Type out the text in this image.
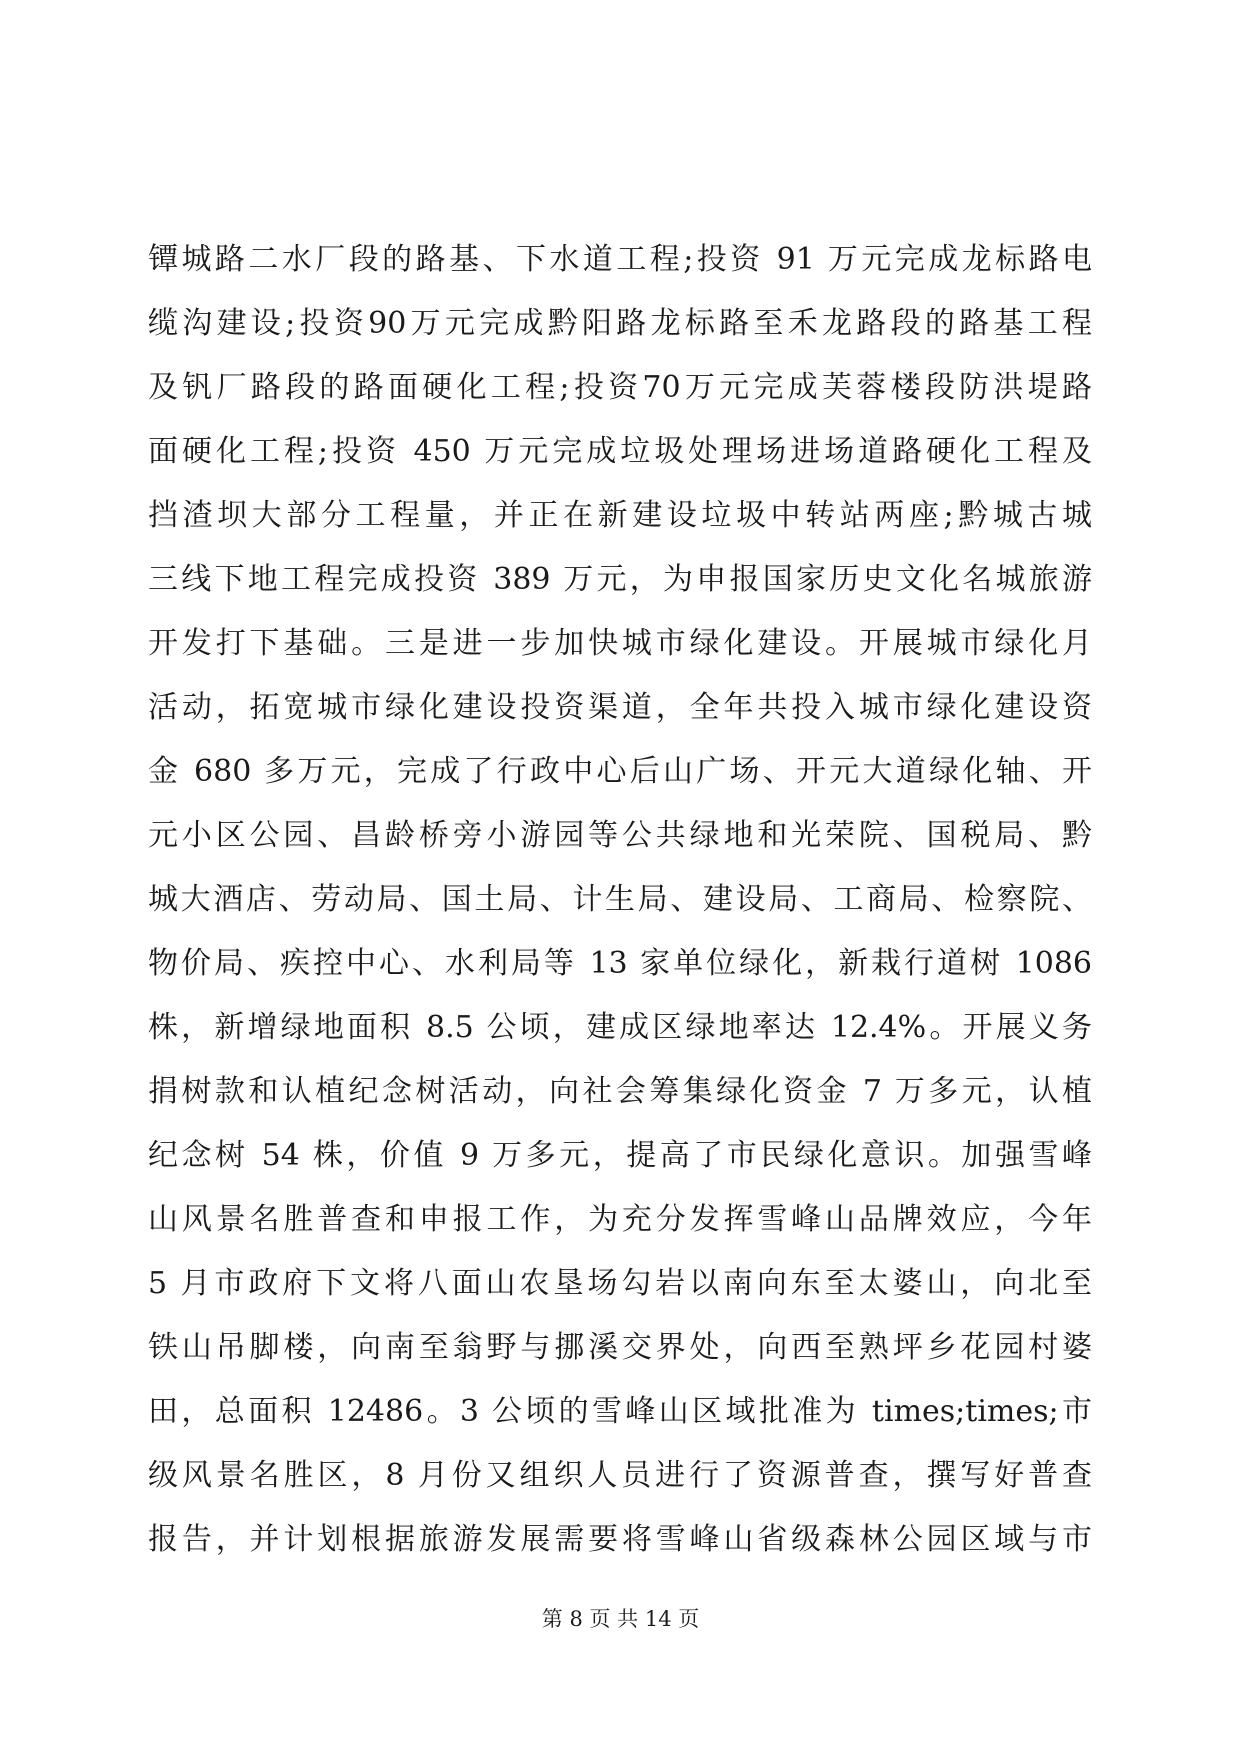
镡城路二水厂段的路基、下水道工程;投资 91 万元完成龙标路电
缆沟建设;投资90万元完成黔阳路龙标路至禾龙路段的路基工程
及钒厂路段的路面硬化工程;投资70万元完成芙蓉楼段防洪堤路
面硬化工程;投资 450 万元完成垃圾处理场进场道路硬化工程及
挡渣坝大部分工程量，并正在新建设垃圾中转站两座;黔城古城
三线下地工程完成投资 389 万元，为申报国家历史文化名城旅游
开发打下基础。三是进一步加快城市绿化建设。开展城市绿化月
活动，拓宽城市绿化建设投资渠道，全年共投入城市绿化建设资
金 680 多万元，完成了行政中心后山广场、开元大道绿化轴、开
元小区公园、昌龄桥旁小游园等公共绿地和光荣院、国税局、黔
城大酒店、劳动局、国土局、计生局、建设局、工商局、检察院、
物价局、疾控中心、水利局等 13 家单位绿化，新栽行道树 1086
株，新增绿地面积 8.5 公顷，建成区绿地率达 12.4%。开展义务
捐树款和认植纪念树活动，向社会筹集绿化资金 7 万多元，认植
纪念树 54 株，价值 9 万多元，提高了市民绿化意识。加强雪峰
山风景名胜普查和申报工作，为充分发挥雪峰山品牌效应，今年
5 月市政府下文将八面山农垦场勾岩以南向东至太婆山，向北至
铁山吊脚楼，向南至翁野与挪溪交界处，向西至熟坪乡花园村婆
田，总面积 12486。3 公顷的雪峰山区域批准为 times;times;市
级风景名胜区，8 月份又组织人员进行了资源普查，撰写好普查
报告，并计划根据旅游发展需要将雪峰山省级森林公园区域与市
第 8 页 共 14 页
